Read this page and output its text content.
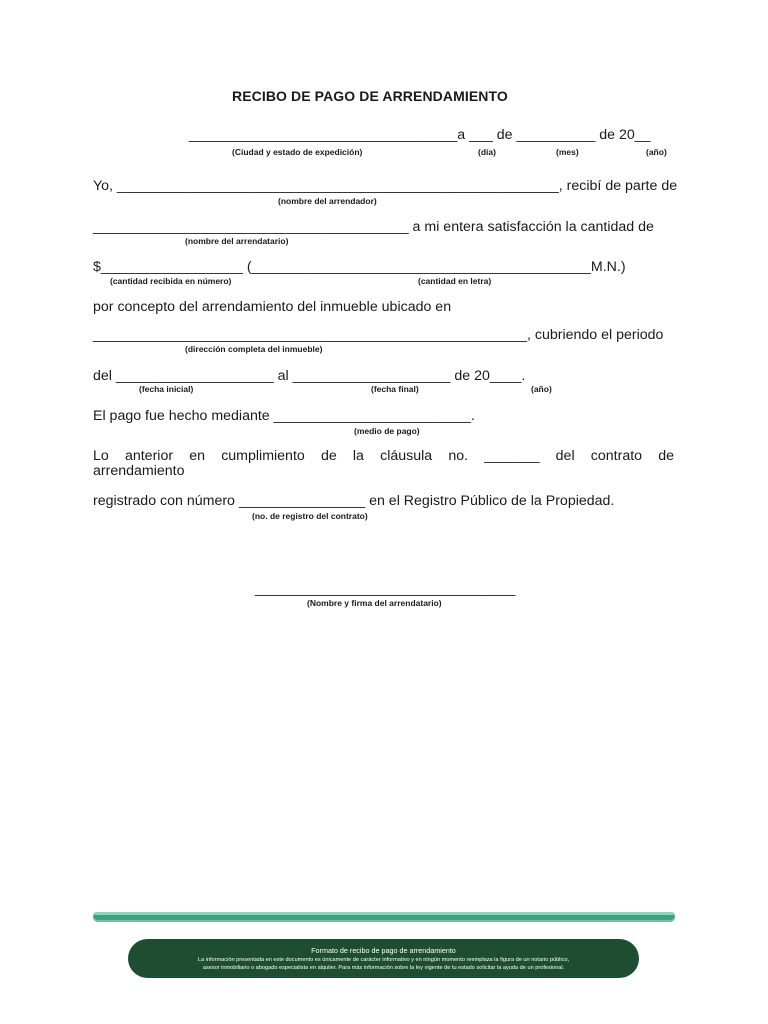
RECIBO DE PAGO DE ARRENDAMIENTO
__________________________________a ___ de __________ de 20__
(Ciudad y estado de expedición)	(día)	(mes)	(año)
Yo, ________________________________________________________, recibí de parte de
(nombre del arrendador)
________________________________________ a mi entera satisfacción la cantidad de
(nombre del arrendatario)
$__________________ (___________________________________________M.N.)
(cantidad recibida en número)	(cantidad en letra)
por concepto del arrendamiento del inmueble ubicado en
_______________________________________________________, cubriendo el periodo
(dirección completa del inmueble)
del ____________________ al ____________________ de 20____.
(fecha inicial)	(fecha final)	(año)
El pago fue hecho mediante _________________________.
(medio de pago)
Lo anterior en cumplimiento de la cláusula no. _______ del contrato de
arrendamiento
registrado con número ________________ en el Registro Público de la Propiedad.
(no. de registro del contrato)
_________________________________
(Nombre y firma del arrendatario)
Formato de recibo de pago de arrendamiento
La información presentada en este documento es únicamente de carácter informativo y en ningún momento reemplaza la figura de un notario público,
asesor inmobiliario o abogado especialista en alquiler. Para más información sobre la ley vigente de tu estado solicitar la ayuda de un profesional.
